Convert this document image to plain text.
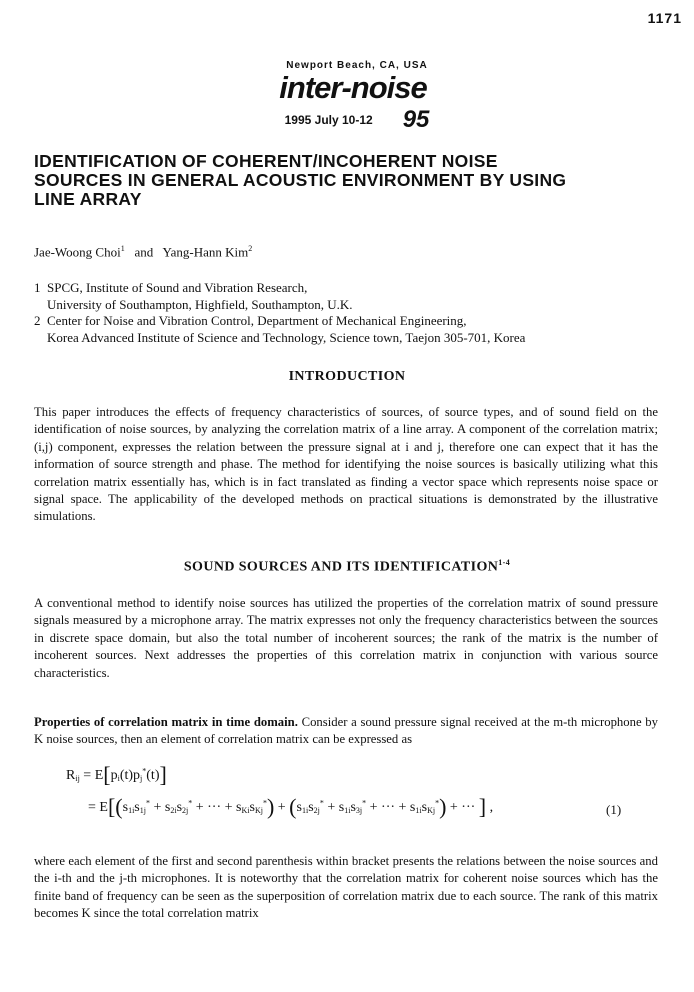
1171
Newport Beach, CA, USA
inter-noise
1995 July 10-12 95
IDENTIFICATION OF COHERENT/INCOHERENT NOISE
SOURCES IN GENERAL ACOUSTIC ENVIRONMENT BY USING
LINE ARRAY
Jae-Woong Choi$^1$ and Yang-Hann Kim$^2$
1 SPCG, Institute of Sound and Vibration Research,
University of Southampton, Highfield, Southampton, U.K.
2 Center for Noise and Vibration Control, Department of Mechanical Engineering,
Korea Advanced Institute of Science and Technology, Science town, Taejon 305-701, Korea
INTRODUCTION
This paper introduces the effects of frequency characteristics of sources, of source types, and of sound field on the identification of noise sources, by analyzing the correlation matrix of a line array. A component of the correlation matrix; (i,j) component, expresses the relation between the pressure signal at i and j, therefore one can expect that it has the information of source strength and phase. The method for identifying the noise sources is basically utilizing what this correlation matrix essentially has, which is in fact translated as finding a vector space which represents noise space or signal space. The applicability of the developed methods on practical situations is demonstrated by the illustrative simulations.
SOUND SOURCES AND ITS IDENTIFICATION$^{1-4}$
A conventional method to identify noise sources has utilized the properties of the correlation matrix of sound pressure signals measured by a microphone array. The matrix expresses not only the frequency characteristics between the sources in discrete space domain, but also the total number of incoherent sources; the rank of the matrix is the number of incoherent sources. Next addresses the properties of this correlation matrix in conjunction with various source characteristics.
Properties of correlation matrix in time domain. Consider a sound pressure signal received at the m-th microphone by K noise sources, then an element of correlation matrix can be expressed as
Rij = E[pi(t)pj*(t)]
= E[(s1is1j* + s2is2j* + ··· + sKisKj*) + (s1is2j* + s1is3j* + ··· + s1isKj*) + ··· ] ,	(1)
where each element of the first and second parenthesis within bracket presents the relations between the noise sources and the i-th and the j-th microphones. It is noteworthy that the correlation matrix for coherent noise sources which has the finite band of frequency can be seen as the superposition of correlation matrix due to each source. The rank of this matrix becomes K since the total correlation matrix
